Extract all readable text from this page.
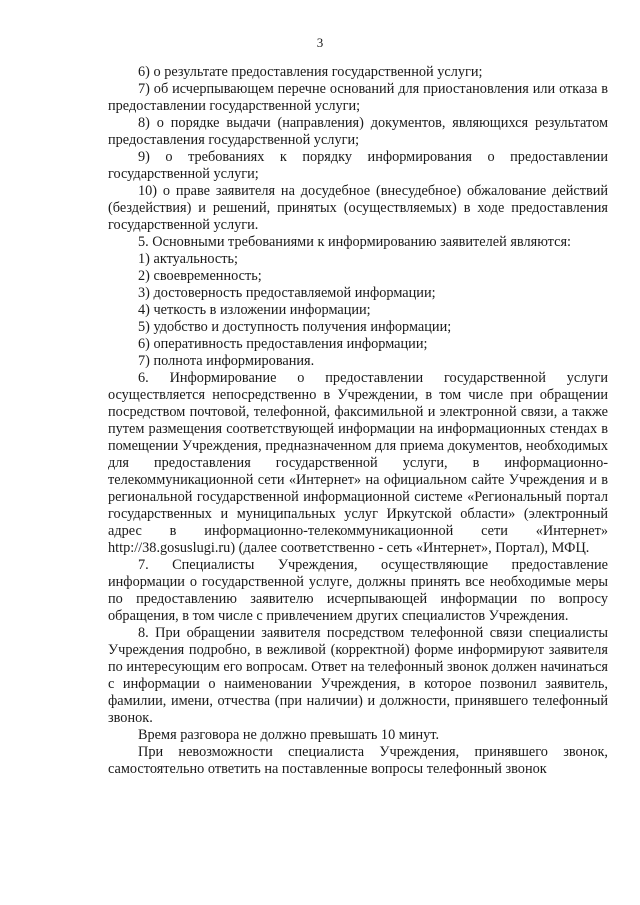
3

6) о результате предоставления государственной услуги;

7) об исчерпывающем перечне оснований для приостановления или отказа в предоставлении государственной услуги;

8) о порядке выдачи (направления) документов, являющихся результатом предоставления государственной услуги;

9) о требованиях к порядку информирования о предоставлении государственной услуги;

10) о праве заявителя на досудебное (внесудебное) обжалование действий (бездействия) и решений, принятых (осуществляемых) в ходе предоставления государственной услуги.

5. Основными требованиями к информированию заявителей являются:

1) актуальность;

2) своевременность;

3) достоверность предоставляемой информации;

4) четкость в изложении информации;

5) удобство и доступность получения информации;

6) оперативность предоставления информации;

7) полнота информирования.

6. Информирование о предоставлении государственной услуги осуществляется непосредственно в Учреждении, в том числе при обращении посредством почтовой, телефонной, факсимильной и электронной связи, а также путем размещения соответствующей информации на информационных стендах в помещении Учреждения, предназначенном для приема документов, необходимых для предоставления государственной услуги, в информационно-телекоммуникационной сети «Интернет» на официальном сайте Учреждения и в региональной государственной информационной системе «Региональный портал государственных и муниципальных услуг Иркутской области» (электронный адрес в информационно-телекоммуникационной сети «Интернет» http://38.gosuslugi.ru) (далее соответственно - сеть «Интернет», Портал), МФЦ.

7. Специалисты Учреждения, осуществляющие предоставление информации о государственной услуге, должны принять все необходимые меры по предоставлению заявителю исчерпывающей информации по вопросу обращения, в том числе с привлечением других специалистов Учреждения.

8. При обращении заявителя посредством телефонной связи специалисты Учреждения подробно, в вежливой (корректной) форме информируют заявителя по интересующим его вопросам. Ответ на телефонный звонок должен начинаться с информации о наименовании Учреждения, в которое позвонил заявитель, фамилии, имени, отчества (при наличии) и должности, принявшего телефонный звонок.

Время разговора не должно превышать 10 минут.

При невозможности специалиста Учреждения, принявшего звонок, самостоятельно ответить на поставленные вопросы телефонный звонок
